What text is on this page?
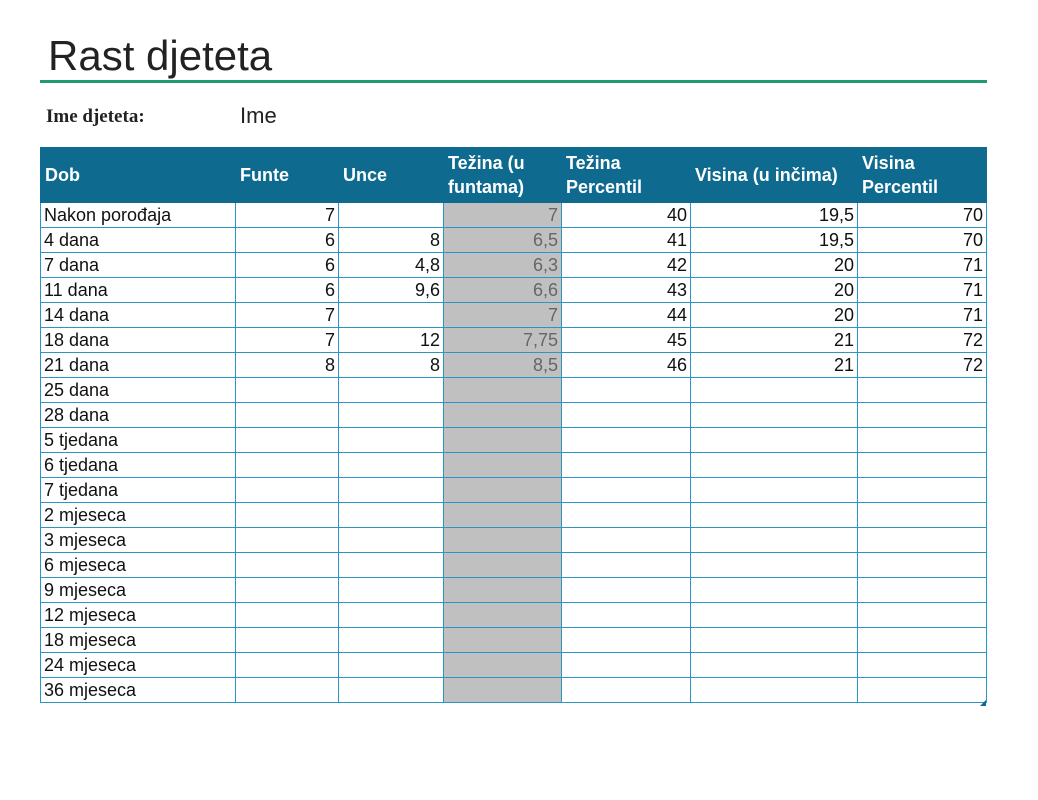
Rast djeteta
Ime djeteta:	Ime
Dob	Funte	Unce	Težina (u funtama)	Težina Percentil	Visina (u inčima)	Visina Percentil
Nakon porođaja	7		7	40	19,5	70
4 dana	6	8	6,5	41	19,5	70
7 dana	6	4,8	6,3	42	20	71
11 dana	6	9,6	6,6	43	20	71
14 dana	7		7	44	20	71
18 dana	7	12	7,75	45	21	72
21 dana	8	8	8,5	46	21	72
25 dana						
28 dana						
5 tjedana						
6 tjedana						
7 tjedana						
2 mjeseca						
3 mjeseca						
6 mjeseca						
9 mjeseca						
12 mjeseca						
18 mjeseca						
24 mjeseca						
36 mjeseca						
